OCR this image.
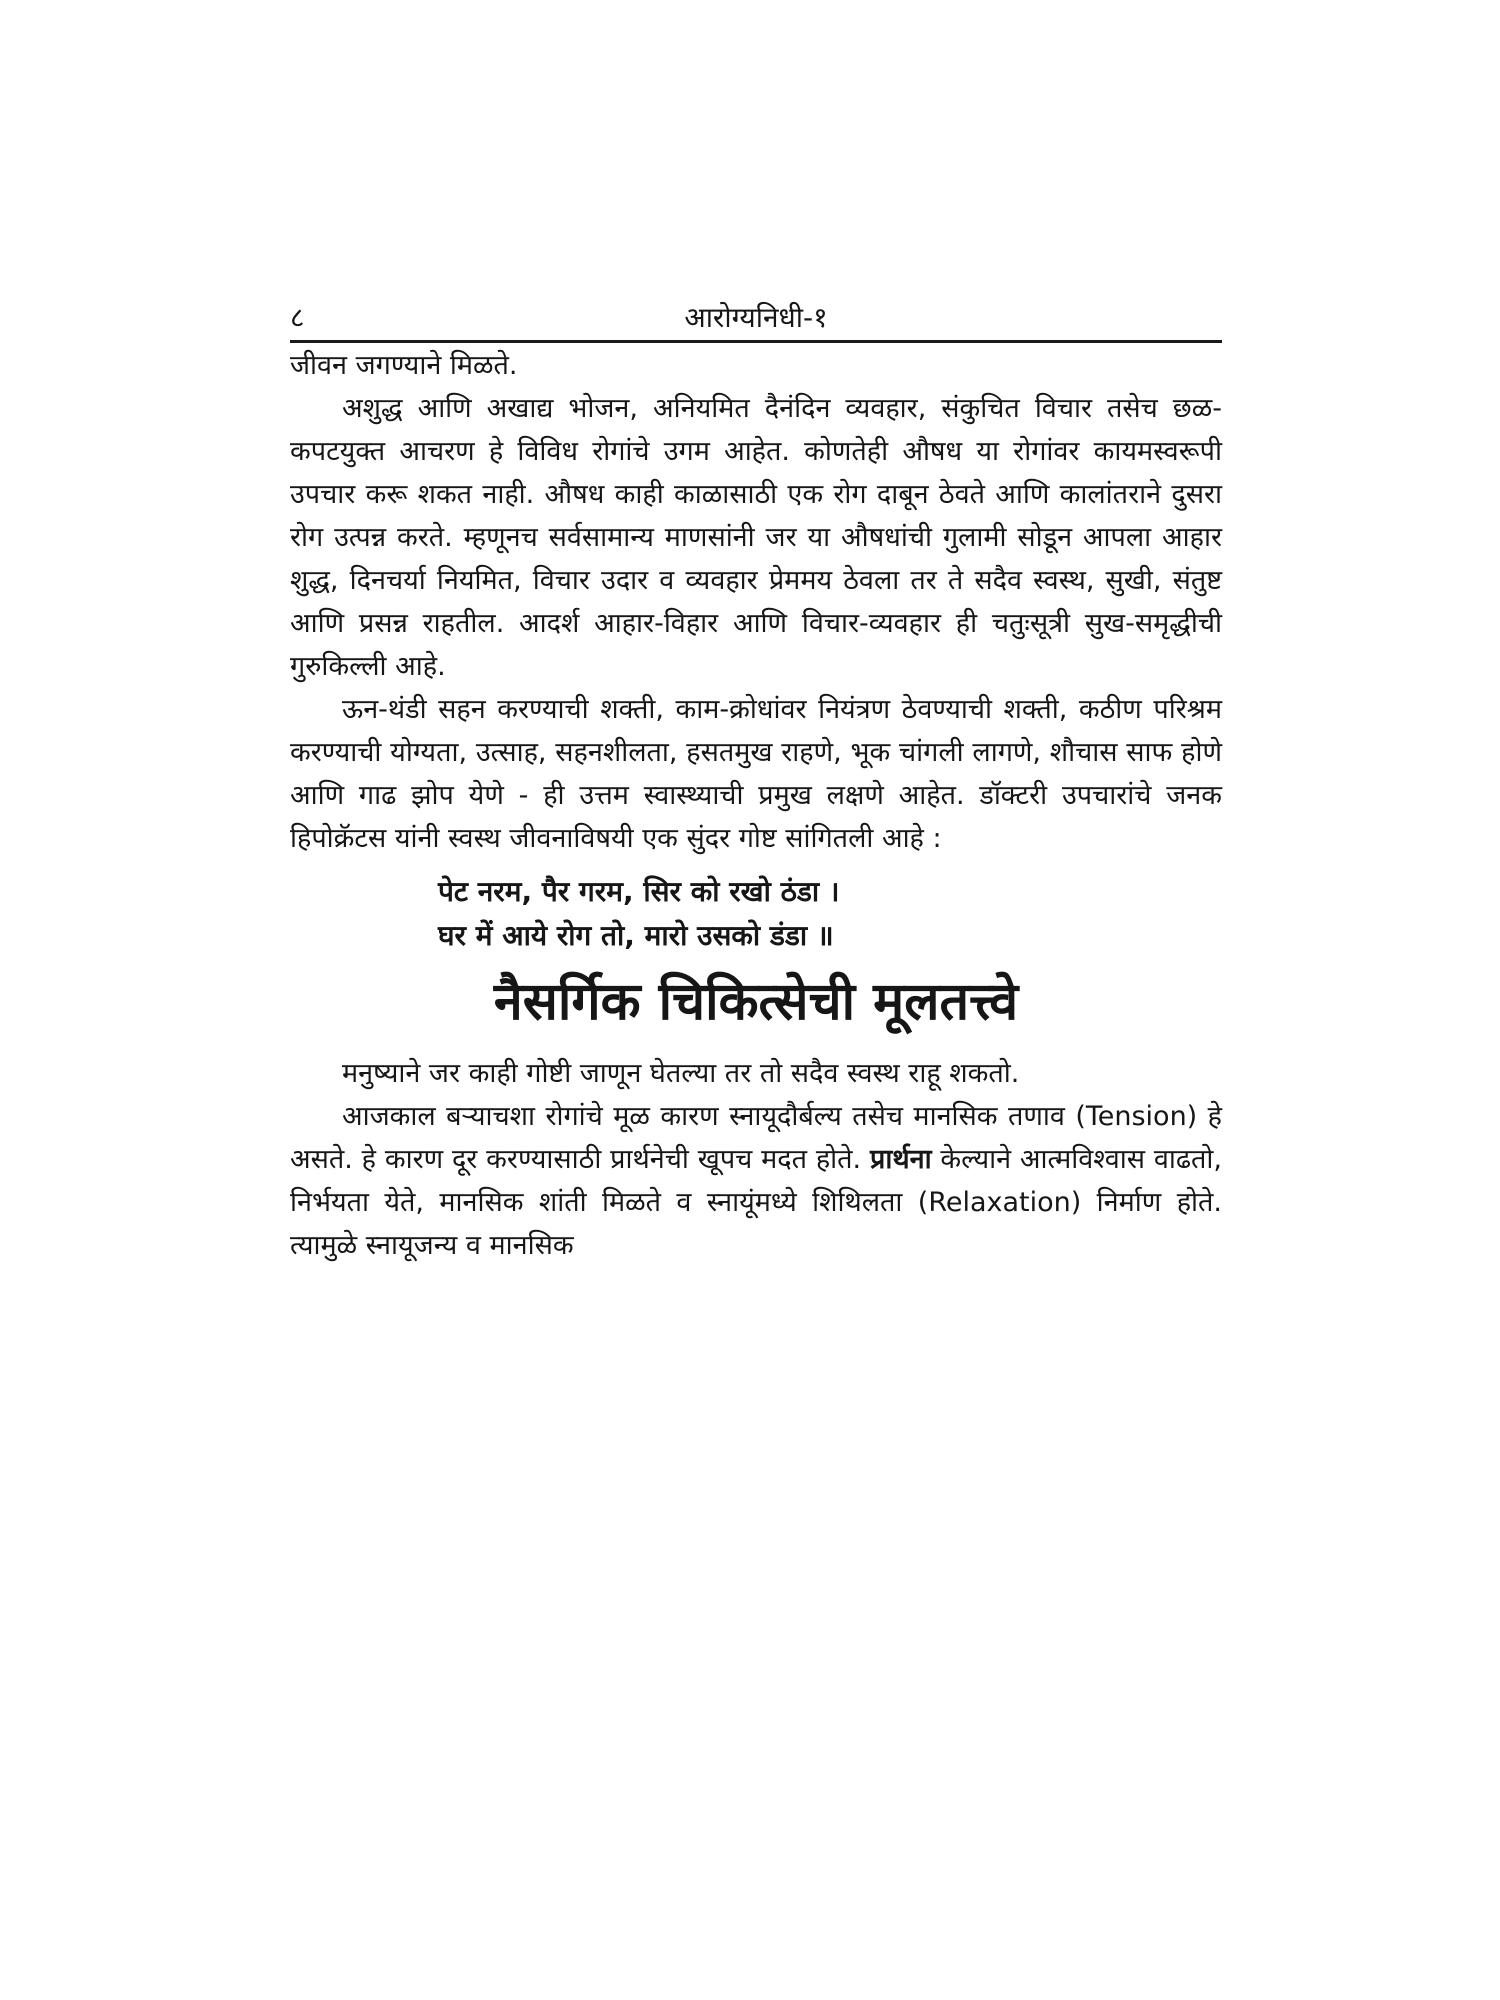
८	आरोग्यनिधी-१

जीवन जगण्याने मिळते.

अशुद्ध आणि अखाद्य भोजन, अनियमित दैनंदिन व्यवहार, संकुचित विचार तसेच छळ-कपटयुक्त आचरण हे विविध रोगांचे उगम आहेत. कोणतेही औषध या रोगांवर कायमस्वरूपी उपचार करू शकत नाही. औषध काही काळासाठी एक रोग दाबून ठेवते आणि कालांतराने दुसरा रोग उत्पन्न करते. म्हणूनच सर्वसामान्य माणसांनी जर या औषधांची गुलामी सोडून आपला आहार शुद्ध, दिनचर्या नियमित, विचार उदार व व्यवहार प्रेममय ठेवला तर ते सदैव स्वस्थ, सुखी, संतुष्ट आणि प्रसन्न राहतील. आदर्श आहार-विहार आणि विचार-व्यवहार ही चतुःसूत्री सुख-समृद्धीची गुरुकिल्ली आहे.

ऊन-थंडी सहन करण्याची शक्ती, काम-क्रोधांवर नियंत्रण ठेवण्याची शक्ती, कठीण परिश्रम करण्याची योग्यता, उत्साह, सहनशीलता, हसतमुख राहणे, भूक चांगली लागणे, शौचास साफ होणे आणि गाढ झोप येणे - ही उत्तम स्वास्थ्याची प्रमुख लक्षणे आहेत. डॉक्टरी उपचारांचे जनक हिपोक्रॅटस यांनी स्वस्थ जीवनाविषयी एक सुंदर गोष्ट सांगितली आहे :

पेट नरम, पैर गरम, सिर को रखो ठंडा ।
घर में आये रोग तो, मारो उसको डंडा ॥
नैसर्गिक चिकित्सेची मूलतत्त्वे

मनुष्याने जर काही गोष्टी जाणून घेतल्या तर तो सदैव स्वस्थ राहू शकतो.

आजकाल बऱ्याचशा रोगांचे मूळ कारण स्नायूदौर्बल्य तसेच मानसिक तणाव (Tension) हे असते. हे कारण दूर करण्यासाठी प्रार्थनेची खूपच मदत होते. प्रार्थना केल्याने आत्मविश्वास वाढतो, निर्भयता येते, मानसिक शांती मिळते व स्नायूंमध्ये शिथिलता (Relaxation) निर्माण होते. त्यामुळे स्नायूजन्य व मानसिक
